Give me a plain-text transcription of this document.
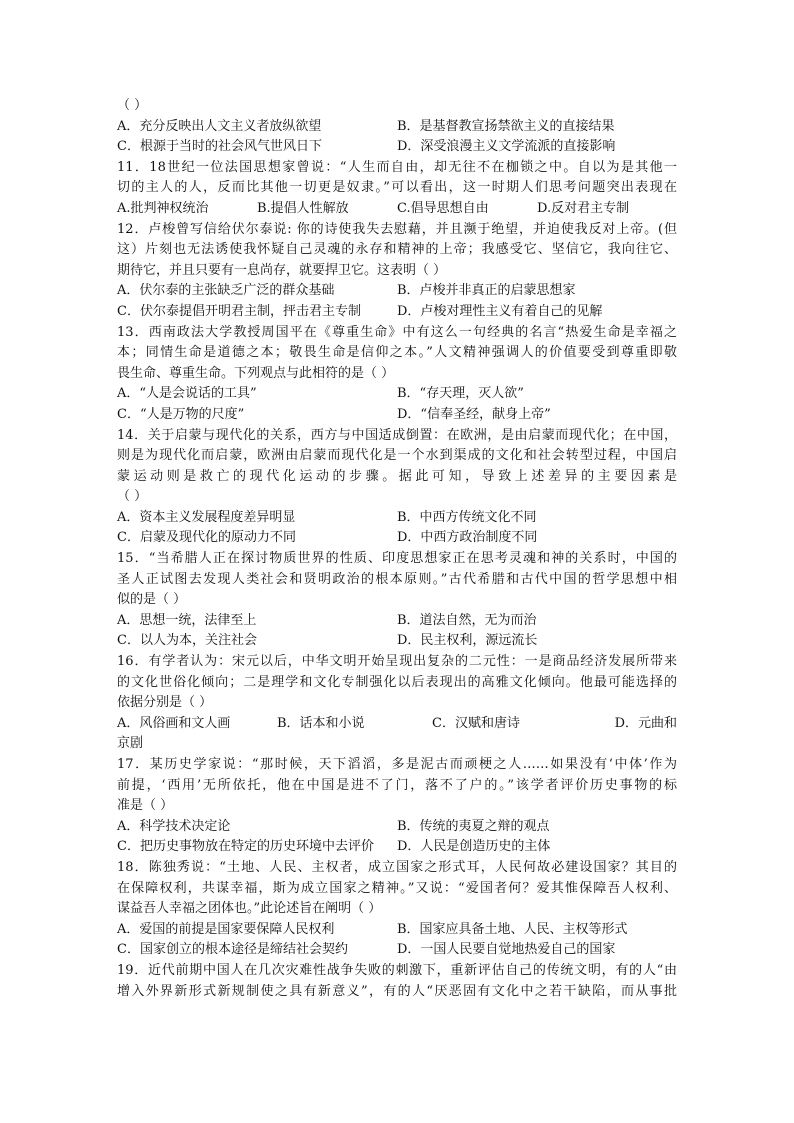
（ ）
A．充分反映出人文主义者放纵欲望	B．是基督教宣扬禁欲主义的直接结果
C．根源于当时的社会风气世风日下	D．深受浪漫主义文学流派的直接影响
11．18世纪一位法国思想家曾说：“人生而自由，却无往不在枷锁之中。自以为是其他一
切的主人的人，反而比其他一切更是奴隶。”可以看出，这一时期人们思考问题突出表现在
A.批判神权统治	B.提倡人性解放	C.倡导思想自由	D.反对君主专制
12．卢梭曾写信给伏尔泰说: 你的诗使我失去慰藉，并且濒于绝望，并迫使我反对上帝。(但
这）片刻也无法诱使我怀疑自己灵魂的永存和精神的上帝；我感受它、坚信它，我向往它、
期待它，并且只要有一息尚存，就要捍卫它。这表明（ ）
A．伏尔泰的主张缺乏广泛的群众基础	B．卢梭并非真正的启蒙思想家
C．伏尔泰提倡开明君主制，抨击君主专制	D．卢梭对理性主义有着自己的见解
13．西南政法大学教授周国平在《尊重生命》中有这么一句经典的名言“热爱生命是幸福之
本；同情生命是道德之本；敬畏生命是信仰之本。”人文精神强调人的价值要受到尊重即敬
畏生命、尊重生命。下列观点与此相符的是（ ）
A．“人是会说话的工具”	B．“存天理，灭人欲”
C．“人是万物的尺度”	D．“信奉圣经，献身上帝”
14．关于启蒙与现代化的关系，西方与中国适成倒置：在欧洲，是由启蒙而现代化；在中国，
则是为现代化而启蒙，欧洲由启蒙而现代化是一个水到渠成的文化和社会转型过程，中国启
蒙运动则是救亡的现代化运动的步骤。据此可知，导致上述差异的主要因素是
（ ）
A．资本主义发展程度差异明显	B．中西方传统文化不同
C．启蒙及现代化的原动力不同	D．中西方政治制度不同
15．“当希腊人正在探讨物质世界的性质、印度思想家正在思考灵魂和神的关系时，中国的
圣人正试图去发现人类社会和贤明政治的根本原则。”古代希腊和古代中国的哲学思想中相
似的是（ ）
A．思想一统，法律至上	B．道法自然，无为而治
C．以人为本，关注社会	D．民主权利，源远流长
16．有学者认为：宋元以后，中华文明开始呈现出复杂的二元性：一是商品经济发展所带来
的文化世俗化倾向；二是理学和文化专制强化以后表现出的高雅文化倾向。他最可能选择的
依据分别是（ ）
A．风俗画和文人画	B．话本和小说	C．汉赋和唐诗	D．元曲和
京剧
17．某历史学家说：“那时候，天下滔滔，多是泥古而顽梗之人……如果没有‘中体’作为
前提，‘西用’无所依托，他在中国是进不了门，落不了户的。”该学者评价历史事物的标
准是（ ）
A．科学技术决定论	B．传统的夷夏之辩的观点
C．把历史事物放在特定的历史环境中去评价	D．人民是创造历史的主体
18．陈独秀说：“土地、人民、主权者，成立国家之形式耳，人民何故必建设国家？其目的
在保障权利，共谋幸福，斯为成立国家之精神。”又说：“爱国者何？爱其惟保障吾人权利、
谋益吾人幸福之团体也。”此论述旨在阐明（ ）
A．爱国的前提是国家要保障人民权利	B．国家应具备土地、人民、主权等形式
C．国家创立的根本途径是缔结社会契约	D．一国人民要自觉地热爱自己的国家
19．近代前期中国人在几次灾难性战争失败的刺激下，重新评估自己的传统文明，有的人“由
增入外界新形式新规制使之具有新意义”，有的人“厌恶固有文化中之若干缺陷，而从事批
